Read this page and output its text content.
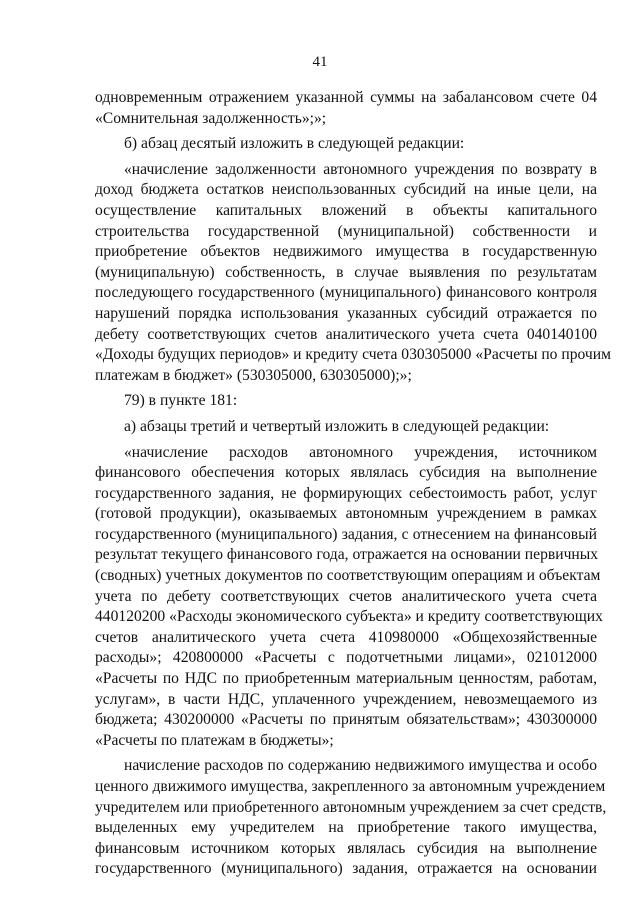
41
одновременным отражением указанной суммы на забалансовом счете 04
«Сомнительная задолженность»;»;
б) абзац десятый изложить в следующей редакции:
«начисление задолженности автономного учреждения по возврату в
доход бюджета остатков неиспользованных субсидий на иные цели, на
осуществление капитальных вложений в объекты капитального
строительства государственной (муниципальной) собственности и
приобретение объектов недвижимого имущества в государственную
(муниципальную) собственность, в случае выявления по результатам
последующего государственного (муниципального) финансового контроля
нарушений порядка использования указанных субсидий отражается по
дебету соответствующих счетов аналитического учета счета 040140100
«Доходы будущих периодов» и кредиту счета 030305000 «Расчеты по прочим
платежам в бюджет» (530305000, 630305000);»;
79) в пункте 181:
а) абзацы третий и четвертый изложить в следующей редакции:
«начисление расходов автономного учреждения, источником
финансового обеспечения которых являлась субсидия на выполнение
государственного задания, не формирующих себестоимость работ, услуг
(готовой продукции), оказываемых автономным учреждением в рамках
государственного (муниципального) задания, с отнесением на финансовый
результат текущего финансового года, отражается на основании первичных
(сводных) учетных документов по соответствующим операциям и объектам
учета по дебету соответствующих счетов аналитического учета счета
440120200 «Расходы экономического субъекта» и кредиту соответствующих
счетов аналитического учета счета 410980000 «Общехозяйственные
расходы»; 420800000 «Расчеты с подотчетными лицами», 021012000
«Расчеты по НДС по приобретенным материальным ценностям, работам,
услугам», в части НДС, уплаченного учреждением, невозмещаемого из
бюджета; 430200000 «Расчеты по принятым обязательствам»; 430300000
«Расчеты по платежам в бюджеты»;
начисление расходов по содержанию недвижимого имущества и особо
ценного движимого имущества, закрепленного за автономным учреждением
учредителем или приобретенного автономным учреждением за счет средств,
выделенных ему учредителем на приобретение такого имущества,
финансовым источником которых являлась субсидия на выполнение
государственного (муниципального) задания, отражается на основании
